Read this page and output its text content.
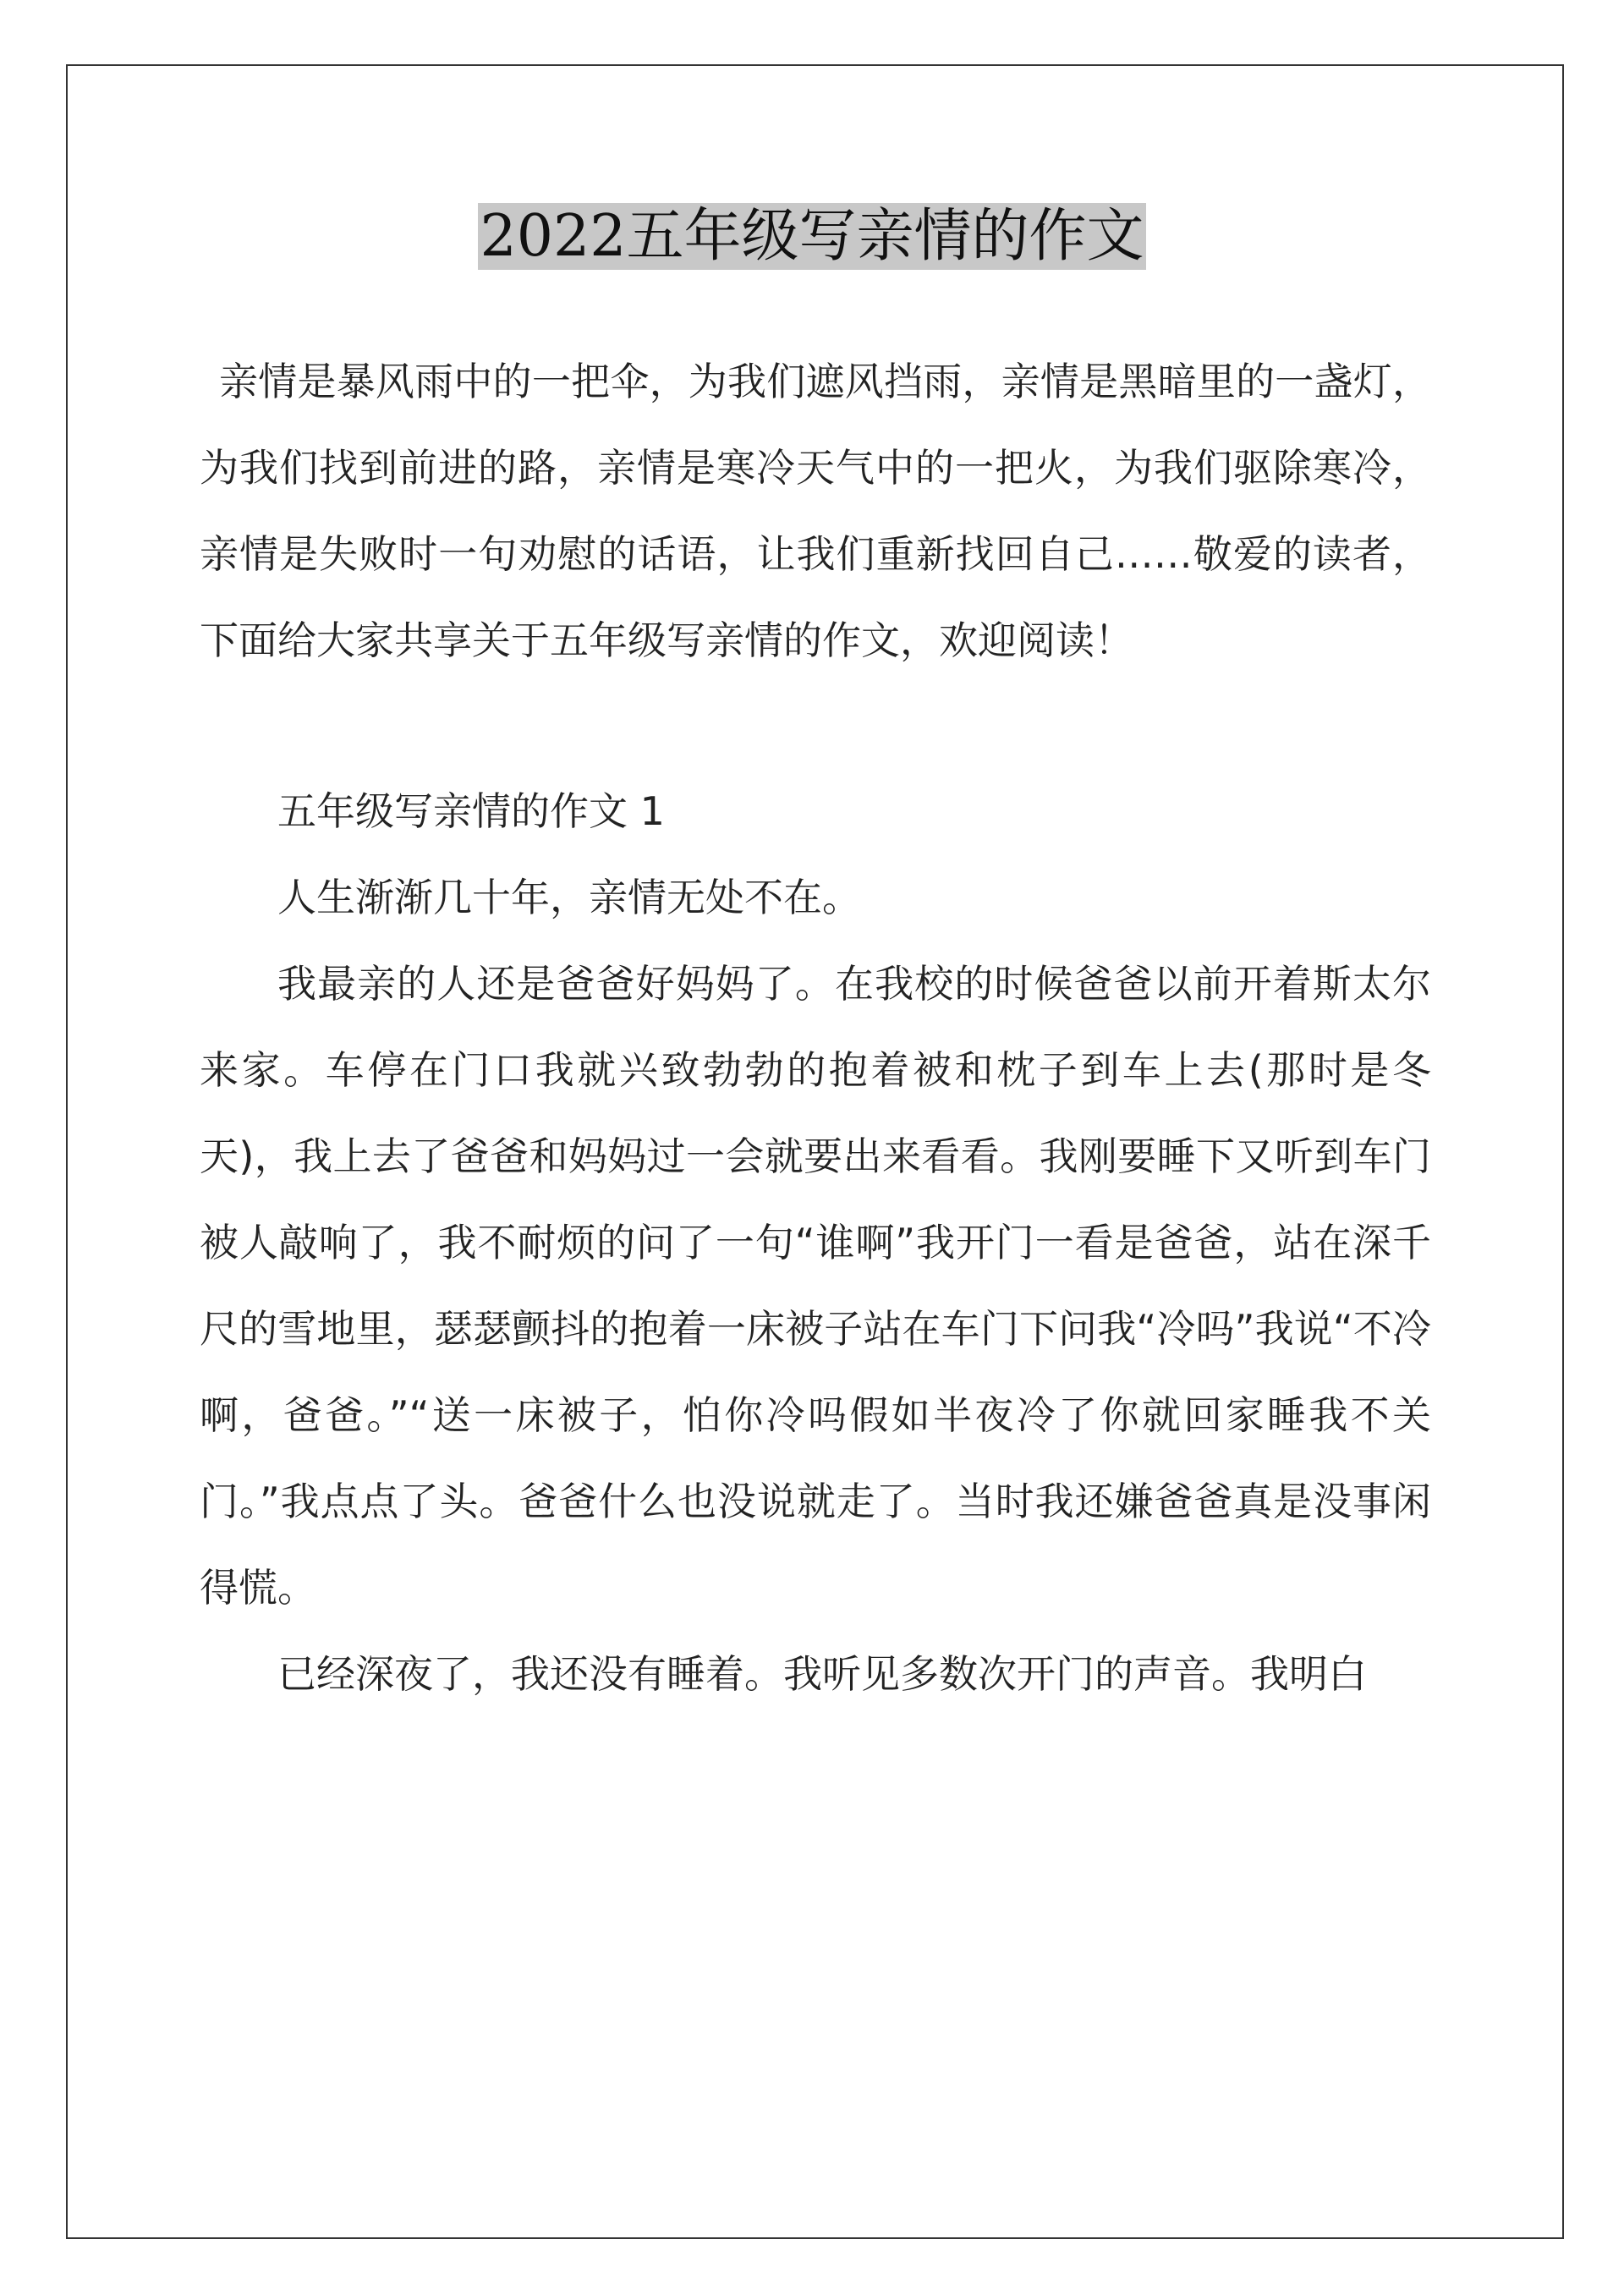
2022五年级写亲情的作文

亲情是暴风雨中的一把伞，为我们遮风挡雨，亲情是黑暗里的一盏灯，为我们找到前进的路，亲情是寒冷天气中的一把火，为我们驱除寒冷，亲情是失败时一句劝慰的话语，让我们重新找回自己……敬爱的读者，下面给大家共享关于五年级写亲情的作文，欢迎阅读！

五年级写亲情的作文 1

人生渐渐几十年，亲情无处不在。

我最亲的人还是爸爸好妈妈了。在我校的时候爸爸以前开着斯太尔来家。车停在门口我就兴致勃勃的抱着被和枕子到车上去(那时是冬天)，我上去了爸爸和妈妈过一会就要出来看看。我刚要睡下又听到车门被人敲响了，我不耐烦的问了一句“谁啊”我开门一看是爸爸，站在深千尺的雪地里，瑟瑟颤抖的抱着一床被子站在车门下问我“冷吗”我说“不冷啊，爸爸。”“送一床被子，怕你冷吗假如半夜冷了你就回家睡我不关门。”我点点了头。爸爸什么也没说就走了。当时我还嫌爸爸真是没事闲得慌。

已经深夜了，我还没有睡着。我听见多数次开门的声音。我明白
